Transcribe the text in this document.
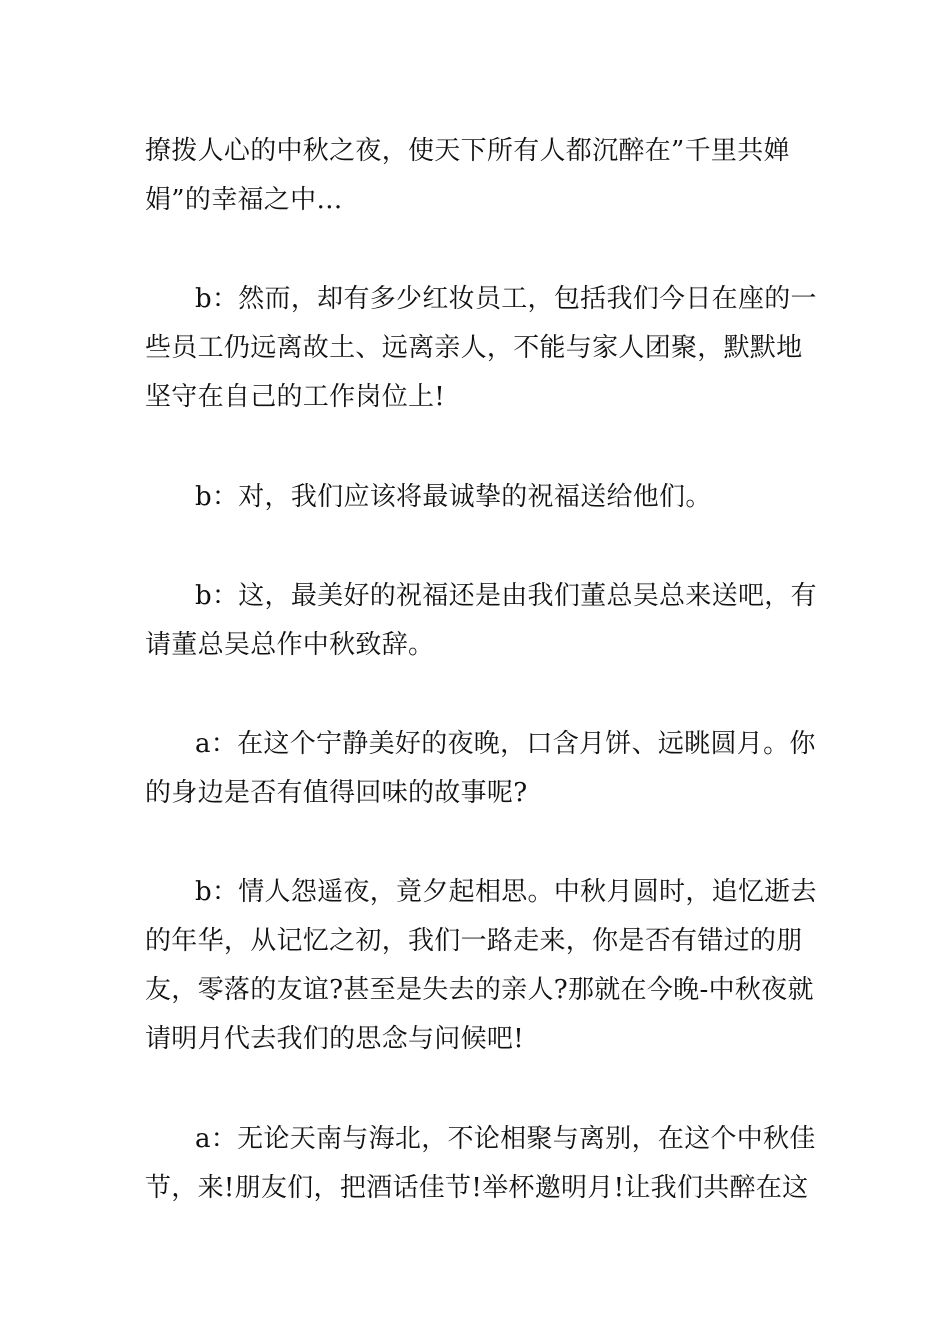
撩拨人心的中秋之夜，使天下所有人都沉醉在”千里共婵
娟”的幸福之中…
b：然而，却有多少红妆员工，包括我们今日在座的一
些员工仍远离故土、远离亲人，不能与家人团聚，默默地
坚守在自己的工作岗位上!
b：对，我们应该将最诚挚的祝福送给他们。
b：这，最美好的祝福还是由我们董总吴总来送吧，有
请董总吴总作中秋致辞。
a：在这个宁静美好的夜晚，口含月饼、远眺圆月。你
的身边是否有值得回味的故事呢?
b：情人怨遥夜，竟夕起相思。中秋月圆时，追忆逝去
的年华，从记忆之初，我们一路走来，你是否有错过的朋
友，零落的友谊?甚至是失去的亲人?那就在今晚-中秋夜就
请明月代去我们的思念与问候吧!
a：无论天南与海北，不论相聚与离别，在这个中秋佳
节，来!朋友们，把酒话佳节!举杯邀明月!让我们共醉在这
